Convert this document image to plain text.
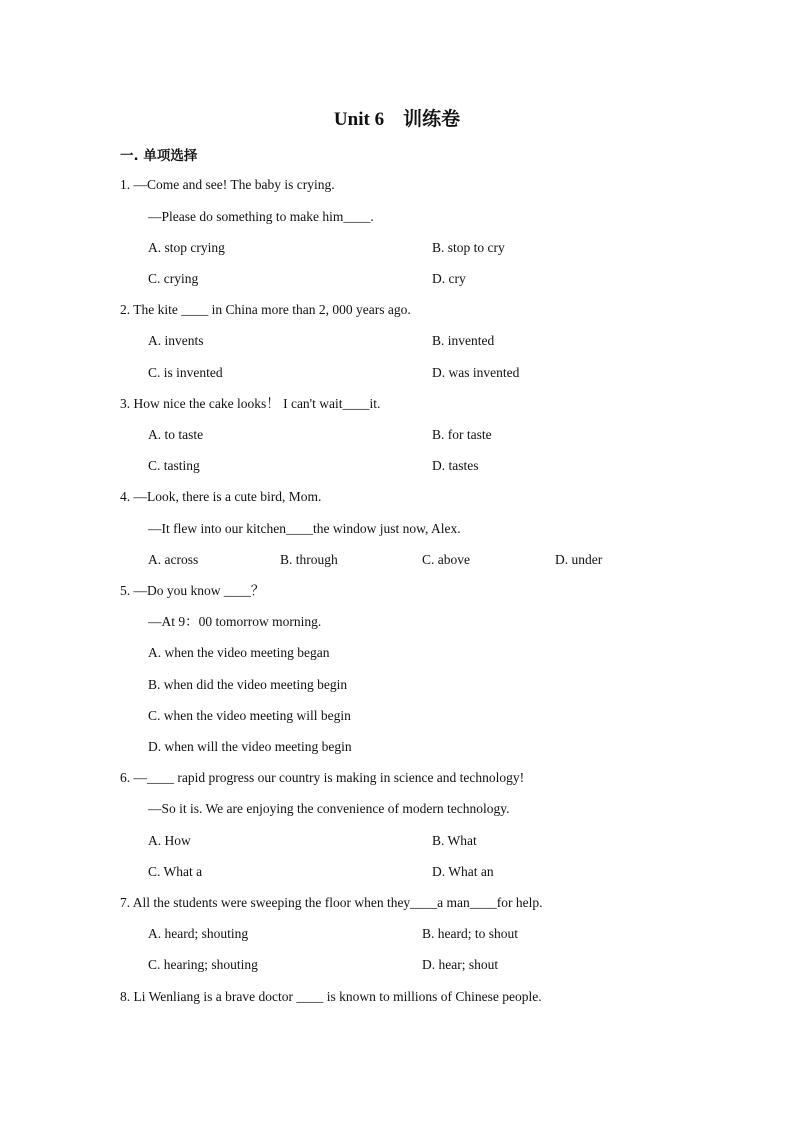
Unit 6    训练卷
一. 单项选择
1. —Come and see! The baby is crying.
—Please do something to make him____.
A. stop crying	B. stop to cry
C. crying	D. cry
2. The kite ____ in China more than 2, 000 years ago.
A. invents	B. invented
C. is invented	D. was invented
3. How nice the cake looks！ I can't wait____it.
A. to taste	B. for taste
C. tasting	D. tastes
4. —Look, there is a cute bird, Mom.
—It flew into our kitchen____the window just now, Alex.
A. across	B. through	C. above	D. under
5. —Do you know ____？
—At 9：00 tomorrow morning.
A. when the video meeting began
B. when did the video meeting begin
C. when the video meeting will begin
D. when will the video meeting begin
6. —____ rapid progress our country is making in science and technology!
—So it is. We are enjoying the convenience of modern technology.
A. How	B. What
C. What a	D. What an
7. All the students were sweeping the floor when they____a man____for help.
A. heard; shouting	B. heard; to shout
C. hearing; shouting	D. hear; shout
8. Li Wenliang is a brave doctor ____ is known to millions of Chinese people.
